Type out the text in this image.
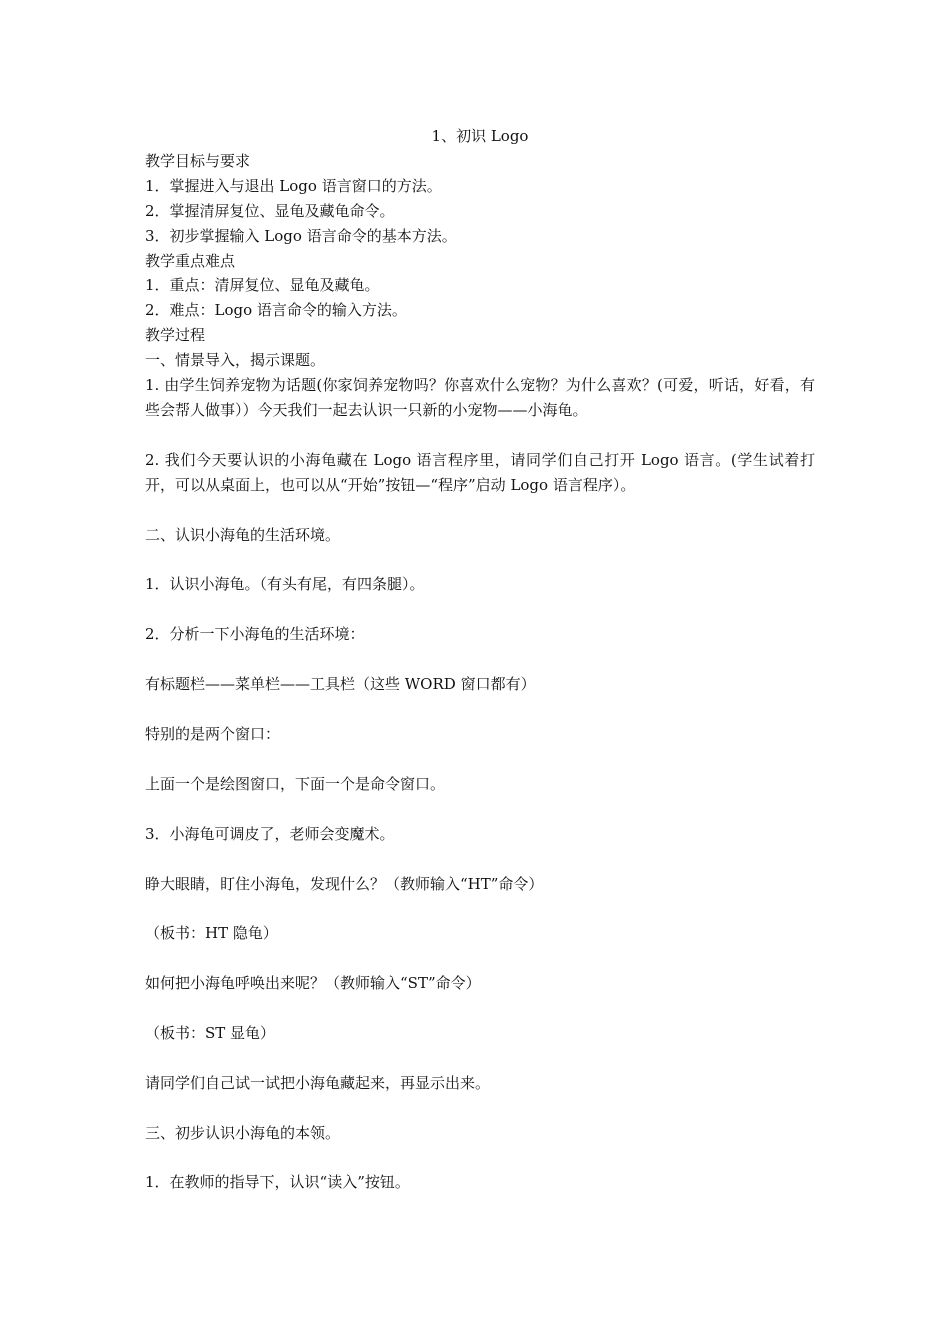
1、初识 Logo
教学目标与要求
1．掌握进入与退出 Logo 语言窗口的方法。
2．掌握清屏复位、显龟及藏龟命令。
3．初步掌握输入 Logo 语言命令的基本方法。
教学重点难点
1．重点：清屏复位、显龟及藏龟。
2．难点：Logo 语言命令的输入方法。
教学过程
一、情景导入，揭示课题。
1. 由学生饲养宠物为话题(你家饲养宠物吗？你喜欢什么宠物？为什么喜欢？(可爱，听话，好看，有些会帮人做事））今天我们一起去认识一只新的小宠物——小海龟。
2. 我们今天要认识的小海龟藏在 Logo 语言程序里，请同学们自己打开 Logo 语言。(学生试着打开，可以从桌面上，也可以从“开始”按钮—“程序”启动 Logo 语言程序）。
二、认识小海龟的生活环境。
1．认识小海龟。（有头有尾，有四条腿）。
2．分析一下小海龟的生活环境：
有标题栏——菜单栏——工具栏（这些 WORD 窗口都有）
特别的是两个窗口：
上面一个是绘图窗口，下面一个是命令窗口。
3．小海龟可调皮了，老师会变魔术。
睁大眼睛，盯住小海龟，发现什么？（教师输入“HT”命令）
（板书：HT 隐龟）
如何把小海龟呼唤出来呢？（教师输入“ST”命令）
（板书：ST 显龟）
请同学们自己试一试把小海龟藏起来，再显示出来。
三、初步认识小海龟的本领。
1．在教师的指导下，认识“读入”按钮。
